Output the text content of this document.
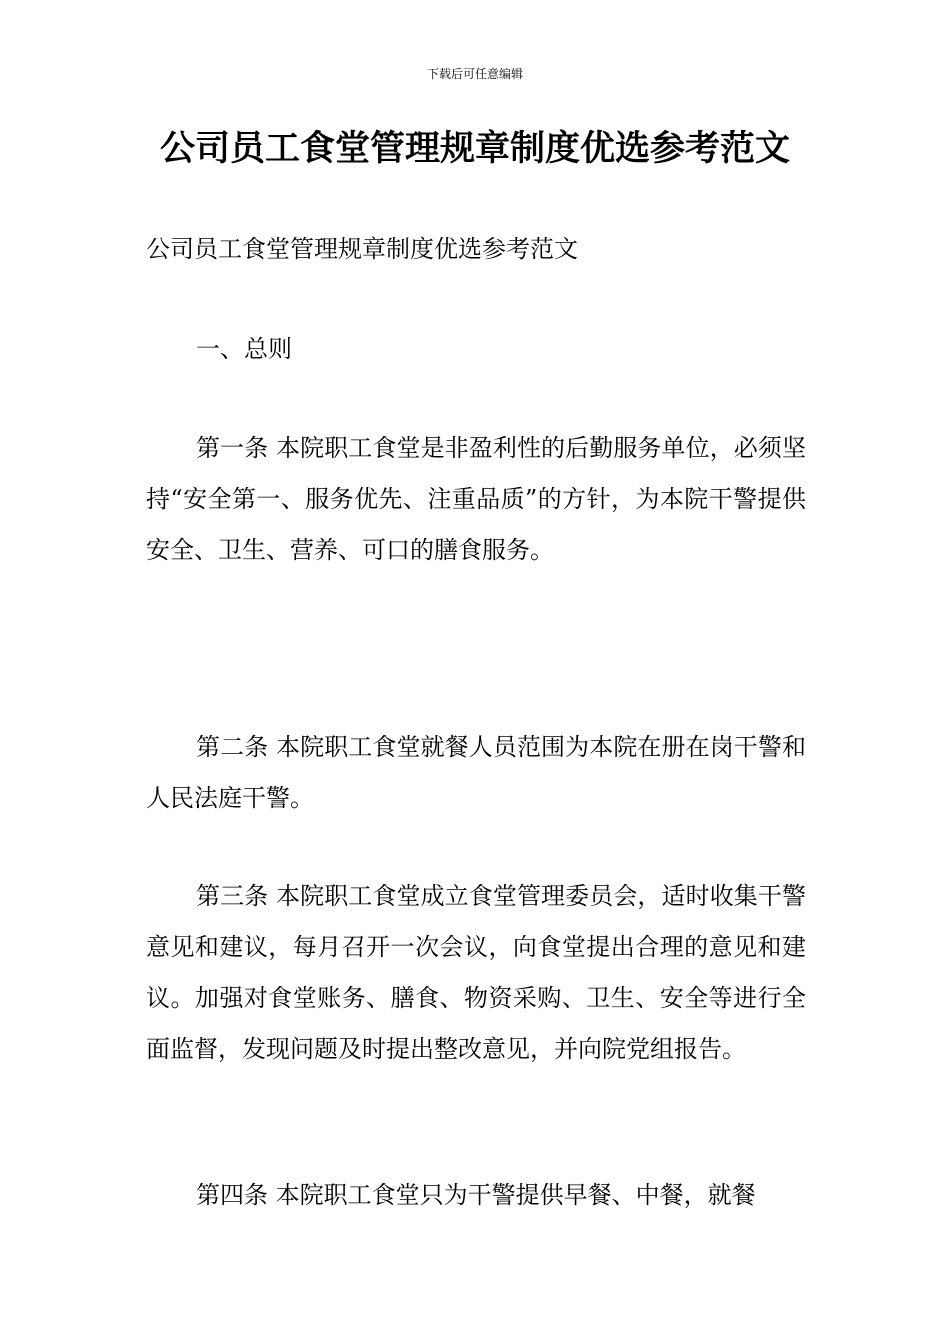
下载后可任意编辑
公司员工食堂管理规章制度优选参考范文

公司员工食堂管理规章制度优选参考范文

一、总则

第一条 本院职工食堂是非盈利性的后勤服务单位，必须坚持“安全第一、服务优先、注重品质”的方针，为本院干警提供安全、卫生、营养、可口的膳食服务。

第二条 本院职工食堂就餐人员范围为本院在册在岗干警和人民法庭干警。

第三条 本院职工食堂成立食堂管理委员会，适时收集干警意见和建议，每月召开一次会议，向食堂提出合理的意见和建议。加强对食堂账务、膳食、物资采购、卫生、安全等进行全面监督，发现问题及时提出整改意见，并向院党组报告。

第四条 本院职工食堂只为干警提供早餐、中餐，就餐
